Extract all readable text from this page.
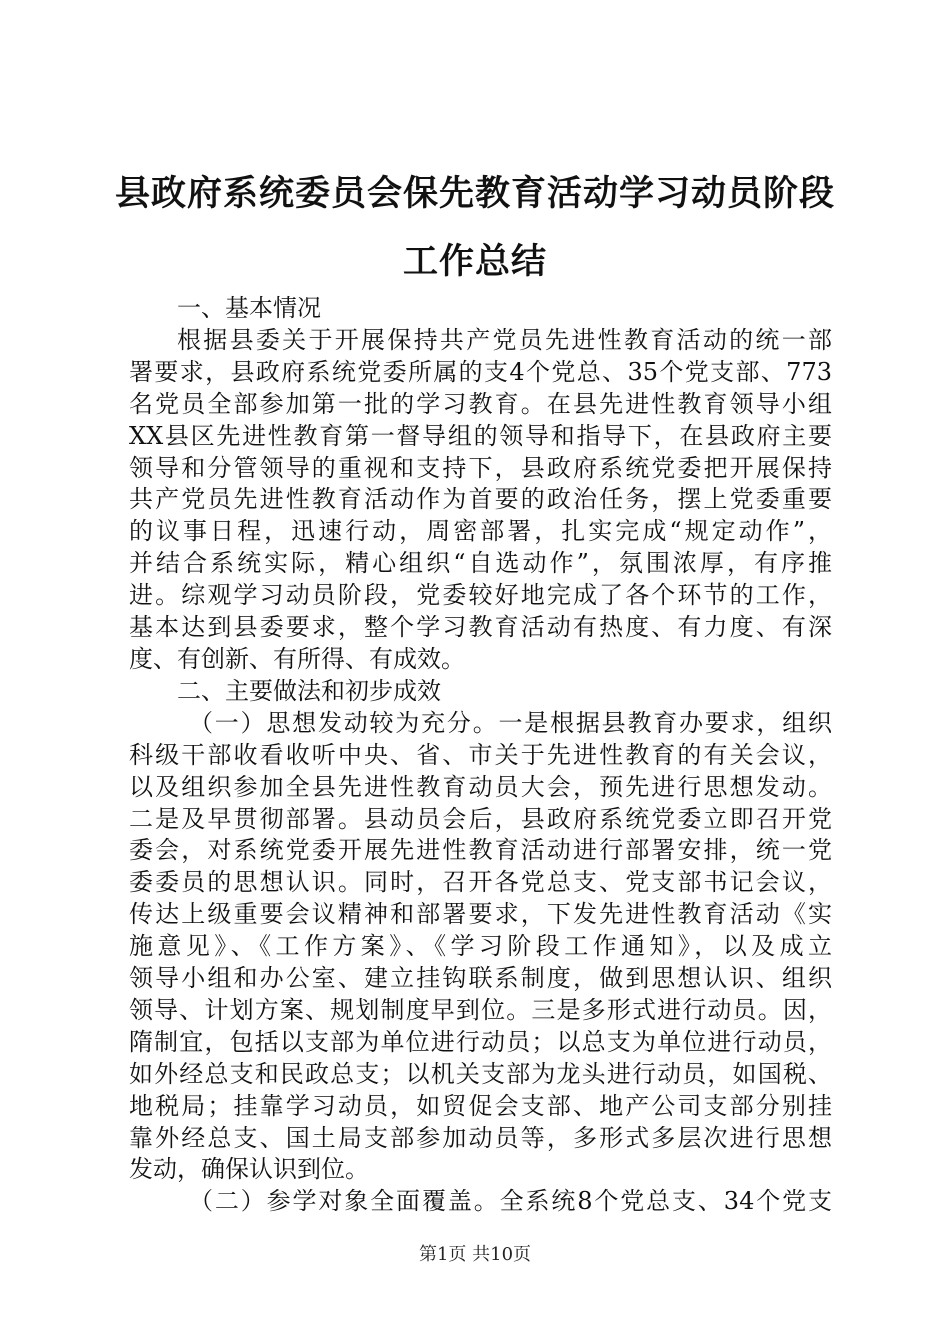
县政府系统委员会保先教育活动学习动员阶段
工作总结
一、基本情况
根据县委关于开展保持共产党员先进性教育活动的统一部
署要求，县政府系统党委所属的支4个党总、35个党支部、773
名党员全部参加第一批的学习教育。在县先进性教育领导小组
XX县区先进性教育第一督导组的领导和指导下，在县政府主要
领导和分管领导的重视和支持下，县政府系统党委把开展保持
共产党员先进性教育活动作为首要的政治任务，摆上党委重要
的议事日程，迅速行动，周密部署，扎实完成“规定动作”，
并结合系统实际，精心组织“自选动作”，氛围浓厚，有序推
进。综观学习动员阶段，党委较好地完成了各个环节的工作，
基本达到县委要求，整个学习教育活动有热度、有力度、有深
度、有创新、有所得、有成效。
二、主要做法和初步成效
（一）思想发动较为充分。一是根据县教育办要求，组织
科级干部收看收听中央、省、市关于先进性教育的有关会议，
以及组织参加全县先进性教育动员大会，预先进行思想发动。
二是及早贯彻部署。县动员会后，县政府系统党委立即召开党
委会，对系统党委开展先进性教育活动进行部署安排，统一党
委委员的思想认识。同时，召开各党总支、党支部书记会议，
传达上级重要会议精神和部署要求，下发先进性教育活动《实
施意见》、《工作方案》、《学习阶段工作通知》，以及成立
领导小组和办公室、建立挂钩联系制度，做到思想认识、组织
领导、计划方案、规划制度早到位。三是多形式进行动员。因，
隋制宜，包括以支部为单位进行动员；以总支为单位进行动员，
如外经总支和民政总支；以机关支部为龙头进行动员，如国税、
地税局；挂靠学习动员，如贸促会支部、地产公司支部分别挂
靠外经总支、国土局支部参加动员等，多形式多层次进行思想
发动，确保认识到位。
（二）参学对象全面覆盖。全系统8个党总支、34个党支
第1页 共10页
